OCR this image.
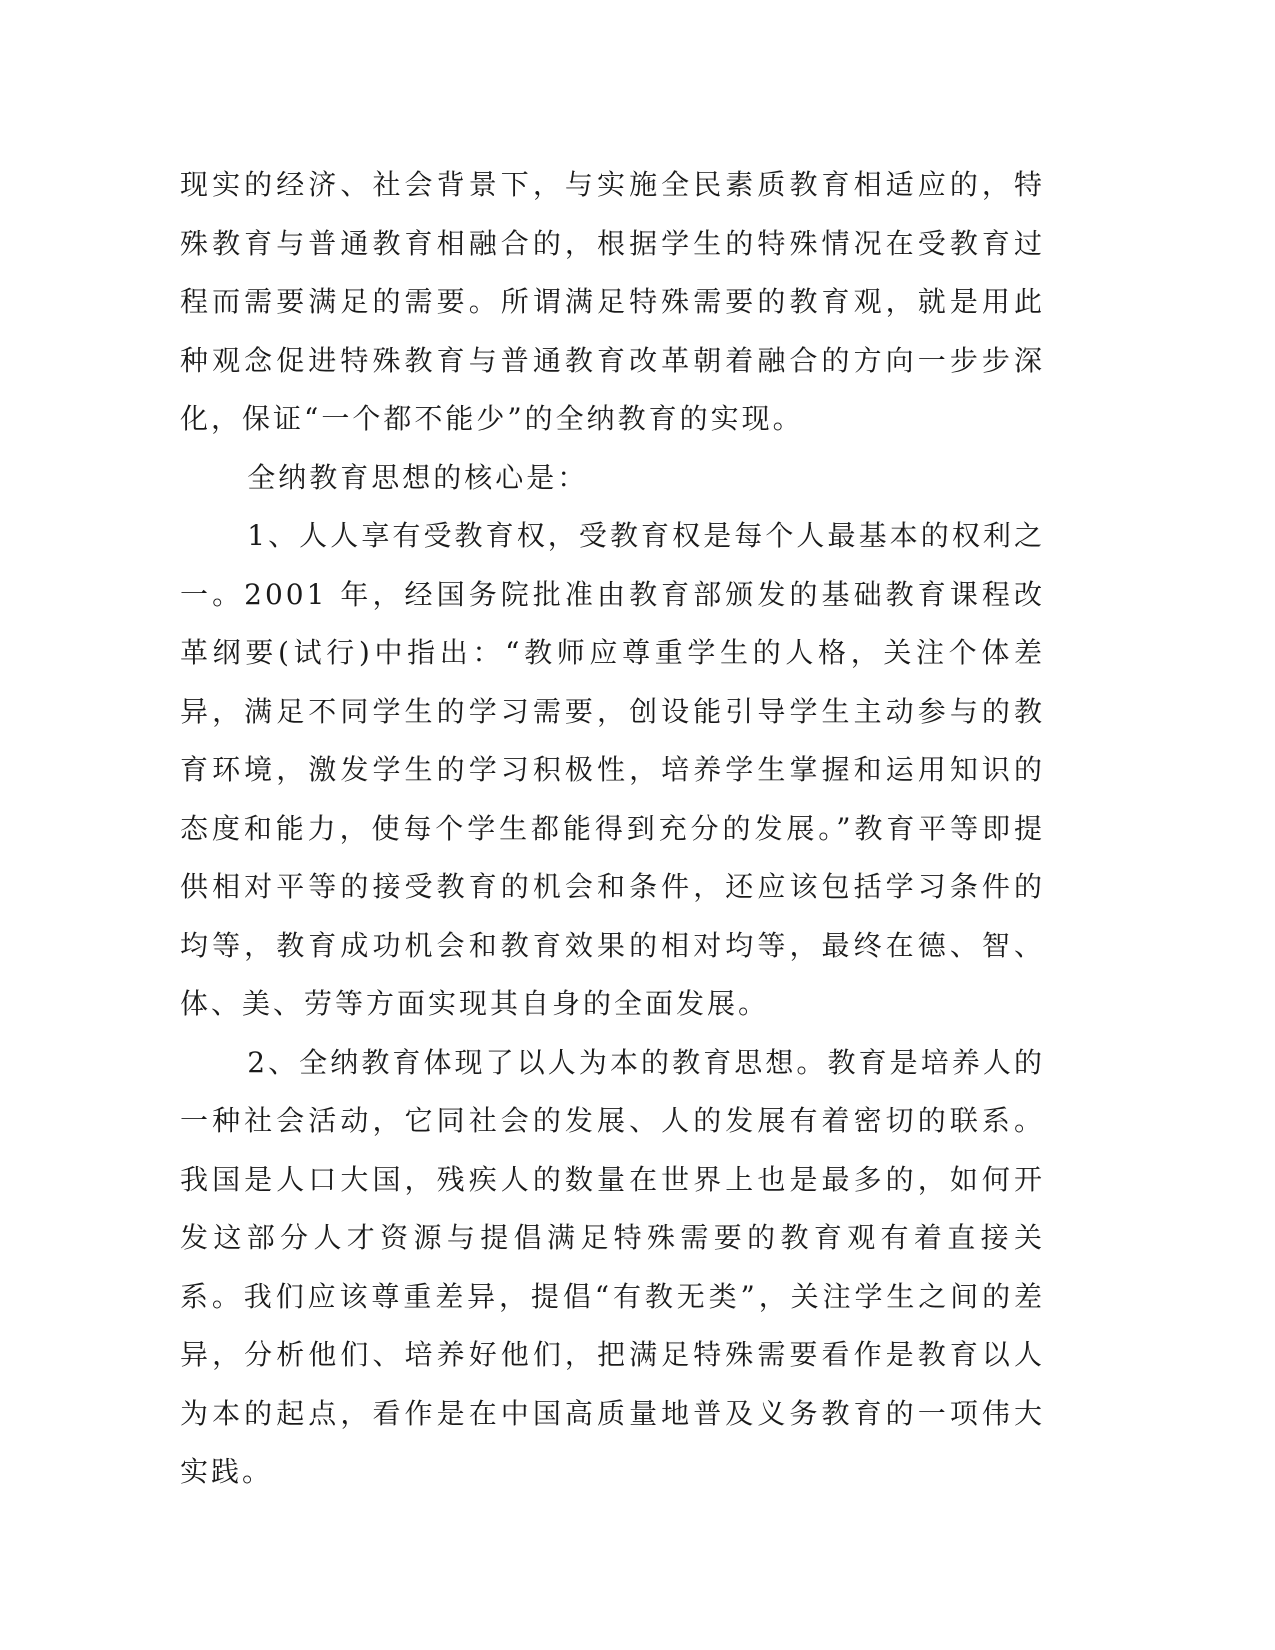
现实的经济、社会背景下，与实施全民素质教育相适应的，特殊教育与普通教育相融合的，根据学生的特殊情况在受教育过程而需要满足的需要。所谓满足特殊需要的教育观，就是用此种观念促进特殊教育与普通教育改革朝着融合的方向一步步深化，保证“一个都不能少”的全纳教育的实现。

全纳教育思想的核心是：

1、人人享有受教育权，受教育权是每个人最基本的权利之一。2001 年，经国务院批准由教育部颁发的基础教育课程改革纲要(试行)中指出：“教师应尊重学生的人格，关注个体差异，满足不同学生的学习需要，创设能引导学生主动参与的教育环境，激发学生的学习积极性，培养学生掌握和运用知识的态度和能力，使每个学生都能得到充分的发展。”教育平等即提供相对平等的接受教育的机会和条件，还应该包括学习条件的均等，教育成功机会和教育效果的相对均等，最终在德、智、体、美、劳等方面实现其自身的全面发展。

2、全纳教育体现了以人为本的教育思想。教育是培养人的一种社会活动，它同社会的发展、人的发展有着密切的联系。我国是人口大国，残疾人的数量在世界上也是最多的，如何开发这部分人才资源与提倡满足特殊需要的教育观有着直接关系。我们应该尊重差异，提倡“有教无类”，关注学生之间的差异，分析他们、培养好他们，把满足特殊需要看作是教育以人为本的起点，看作是在中国高质量地普及义务教育的一项伟大实践。
